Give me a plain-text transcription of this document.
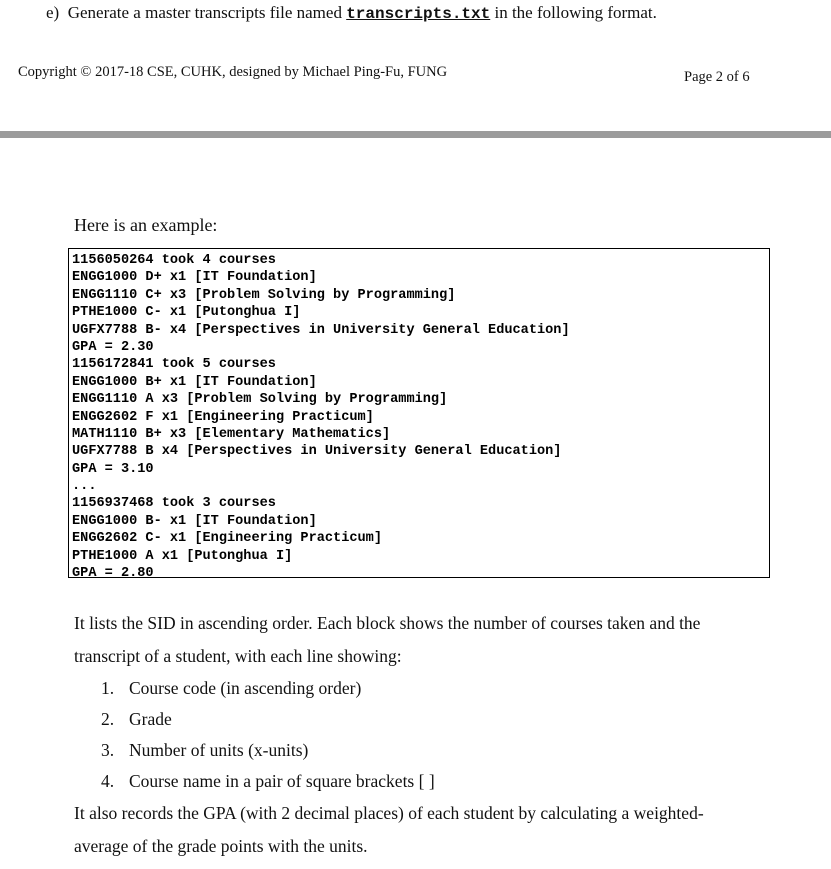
e) Generate a master transcripts file named transcripts.txt in the following format.
Copyright © 2017-18 CSE, CUHK, designed by Michael Ping-Fu, FUNG	Page 2 of 6
Here is an example:
1156050264 took 4 courses
ENGG1000 D+ x1 [IT Foundation]
ENGG1110 C+ x3 [Problem Solving by Programming]
PTHE1000 C- x1 [Putonghua I]
UGFX7788 B- x4 [Perspectives in University General Education]
GPA = 2.30
1156172841 took 5 courses
ENGG1000 B+ x1 [IT Foundation]
ENGG1110 A x3 [Problem Solving by Programming]
ENGG2602 F x1 [Engineering Practicum]
MATH1110 B+ x3 [Elementary Mathematics]
UGFX7788 B x4 [Perspectives in University General Education]
GPA = 3.10
...
1156937468 took 3 courses
ENGG1000 B- x1 [IT Foundation]
ENGG2602 C- x1 [Engineering Practicum]
PTHE1000 A x1 [Putonghua I]
GPA = 2.80
It lists the SID in ascending order. Each block shows the number of courses taken and the
transcript of a student, with each line showing:
1. Course code (in ascending order)
2. Grade
3. Number of units (x-units)
4. Course name in a pair of square brackets [ ]
It also records the GPA (with 2 decimal places) of each student by calculating a weighted-
average of the grade points with the units.
